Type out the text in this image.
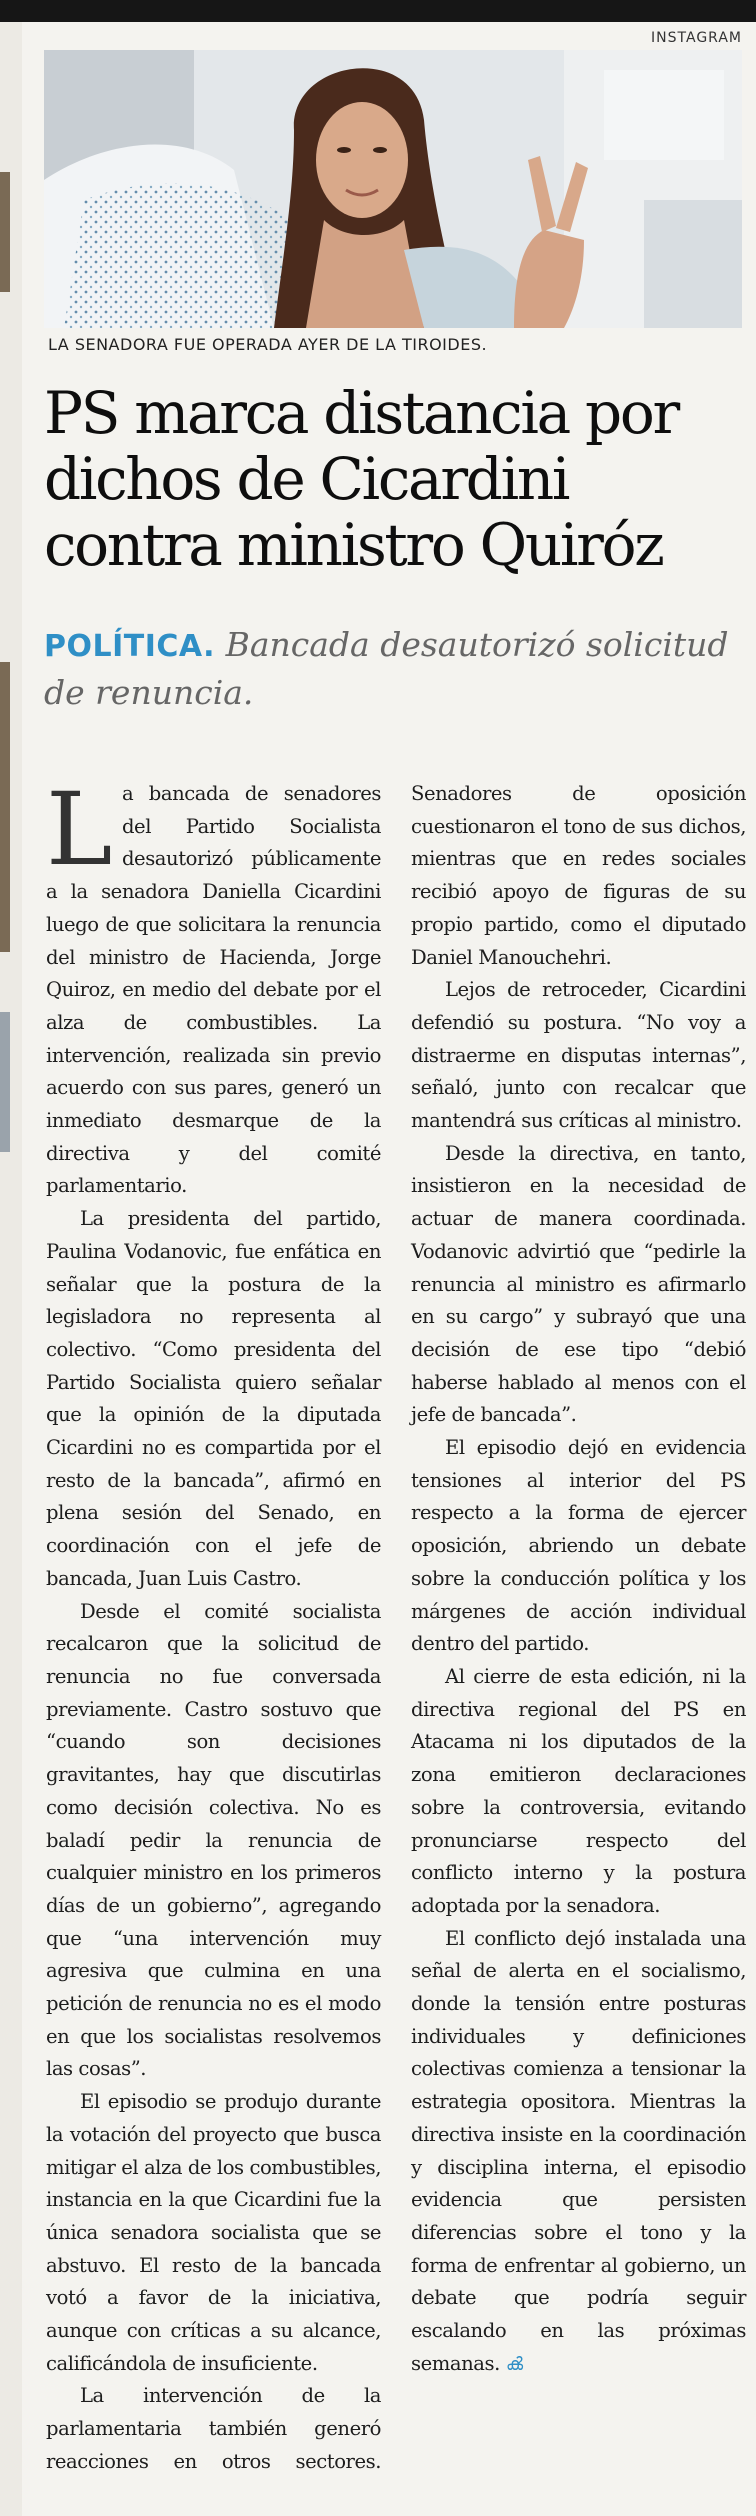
INSTAGRAM
LA SENADORA FUE OPERADA AYER DE LA TIROIDES.
PS marca distancia por dichos de Cicardini contra ministro Quiróz
POLÍTICA. Bancada desautorizó solicitud de renuncia.

La bancada de senadores del Partido Socialista desautorizó públicamente a la senadora Daniella Cicardini luego de que solicitara la renuncia del ministro de Hacienda, Jorge Quiroz, en medio del debate por el alza de combustibles. La intervención, realizada sin previo acuerdo con sus pares, generó un inmediato desmarque de la directiva y del comité parlamentario.

La presidenta del partido, Paulina Vodanovic, fue enfática en señalar que la postura de la legisladora no representa al colectivo. “Como presidenta del Partido Socialista quiero señalar que la opinión de la diputada Cicardini no es compartida por el resto de la bancada”, afirmó en plena sesión del Senado, en coordinación con el jefe de bancada, Juan Luis Castro.

Desde el comité socialista recalcaron que la solicitud de renuncia no fue conversada previamente. Castro sostuvo que “cuando son decisiones gravitantes, hay que discutirlas como decisión colectiva. No es baladí pedir la renuncia de cualquier ministro en los primeros días de un gobierno”, agregando que “una intervención muy agresiva que culmina en una petición de renuncia no es el modo en que los socialistas resolvemos las cosas”.

El episodio se produjo durante la votación del proyecto que busca mitigar el alza de los combustibles, instancia en la que Cicardini fue la única senadora socialista que se abstuvo. El resto de la bancada votó a favor de la iniciativa, aunque con críticas a su alcance, calificándola de insuficiente.

La intervención de la parlamentaria también generó reacciones en otros sectores. Senadores de oposición cuestionaron el tono de sus dichos, mientras que en redes sociales recibió apoyo de figuras de su propio partido, como el diputado Daniel Manouchehri.

Lejos de retroceder, Cicardini defendió su postura. “No voy a distraerme en disputas internas”, señaló, junto con recalcar que mantendrá sus críticas al ministro.

Desde la directiva, en tanto, insistieron en la necesidad de actuar de manera coordinada. Vodanovic advirtió que “pedirle la renuncia al ministro es afirmarlo en su cargo” y subrayó que una decisión de ese tipo “debió haberse hablado al menos con el jefe de bancada”.

El episodio dejó en evidencia tensiones al interior del PS respecto a la forma de ejercer oposición, abriendo un debate sobre la conducción política y los márgenes de acción individual dentro del partido.

Al cierre de esta edición, ni la directiva regional del PS en Atacama ni los diputados de la zona emitieron declaraciones sobre la controversia, evitando pronunciarse respecto del conflicto interno y la postura adoptada por la senadora.

El conflicto dejó instalada una señal de alerta en el socialismo, donde la tensión entre posturas individuales y definiciones colectivas comienza a tensionar la estrategia opositora. Mientras la directiva insiste en la coordinación y disciplina interna, el episodio evidencia que persisten diferencias sobre el tono y la forma de enfrentar al gobierno, un debate que podría seguir escalando en las próximas semanas. ൿ
